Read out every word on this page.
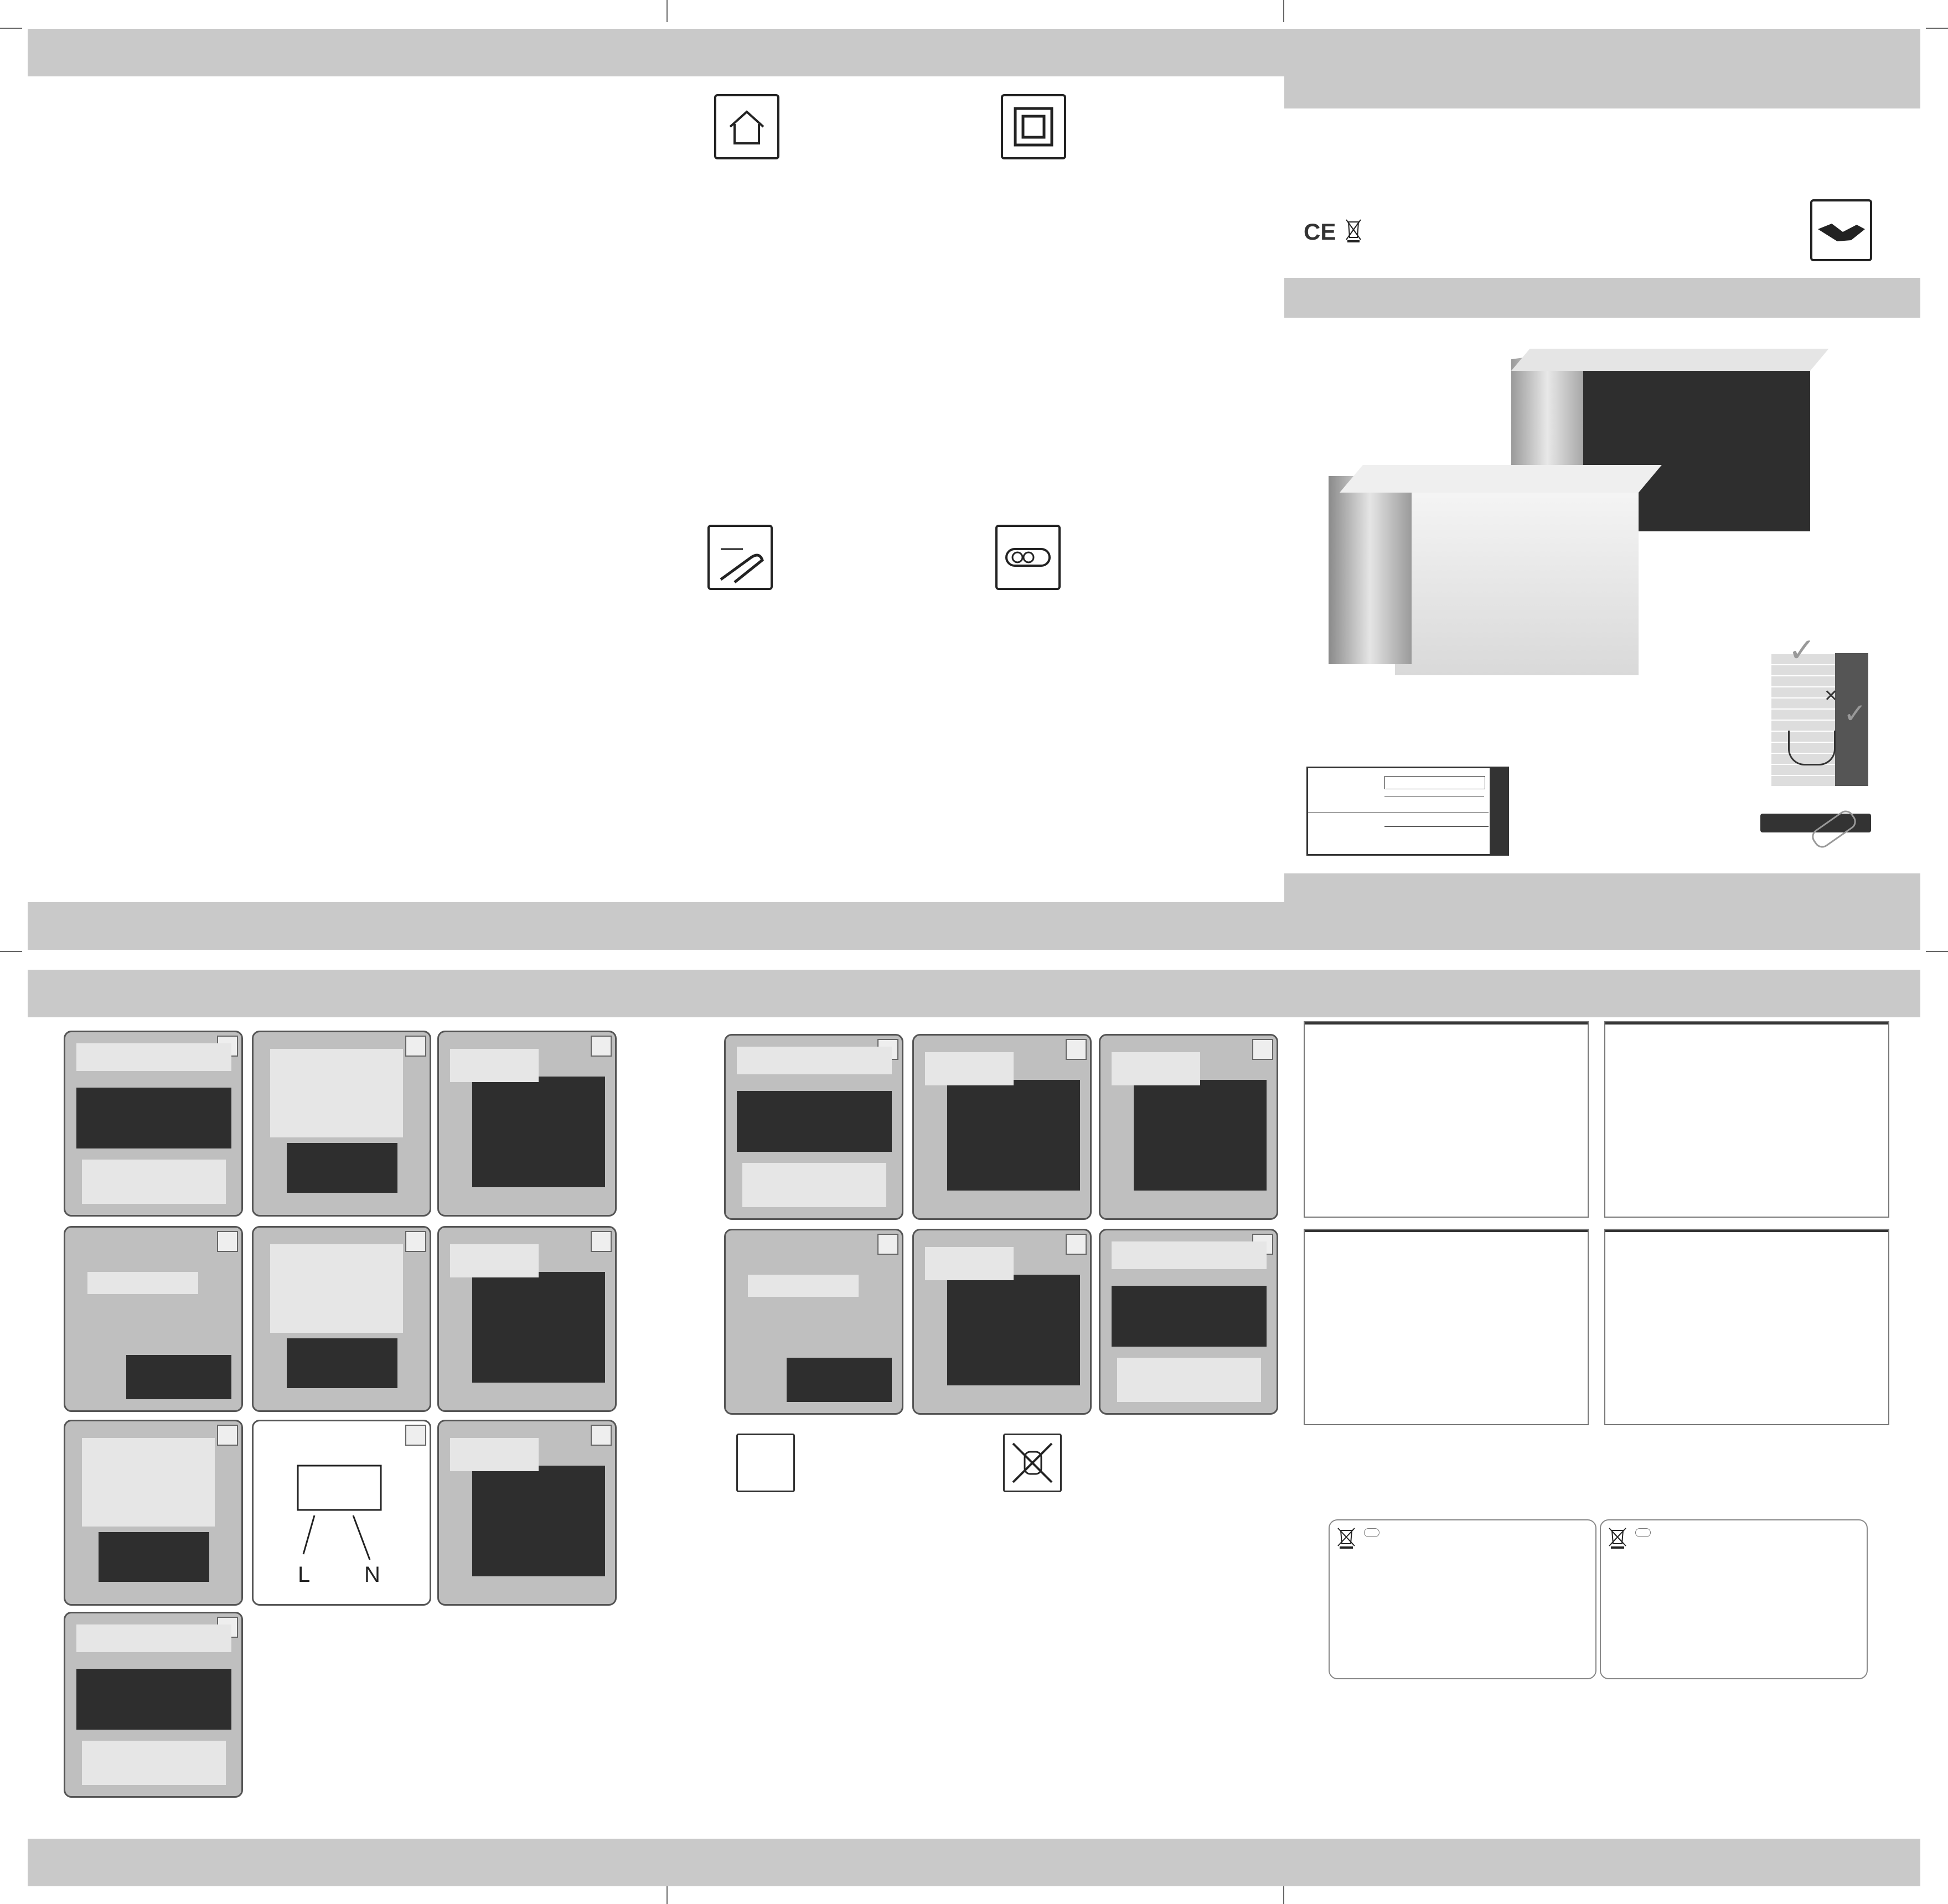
C​E
✓
✓
✕
L N
